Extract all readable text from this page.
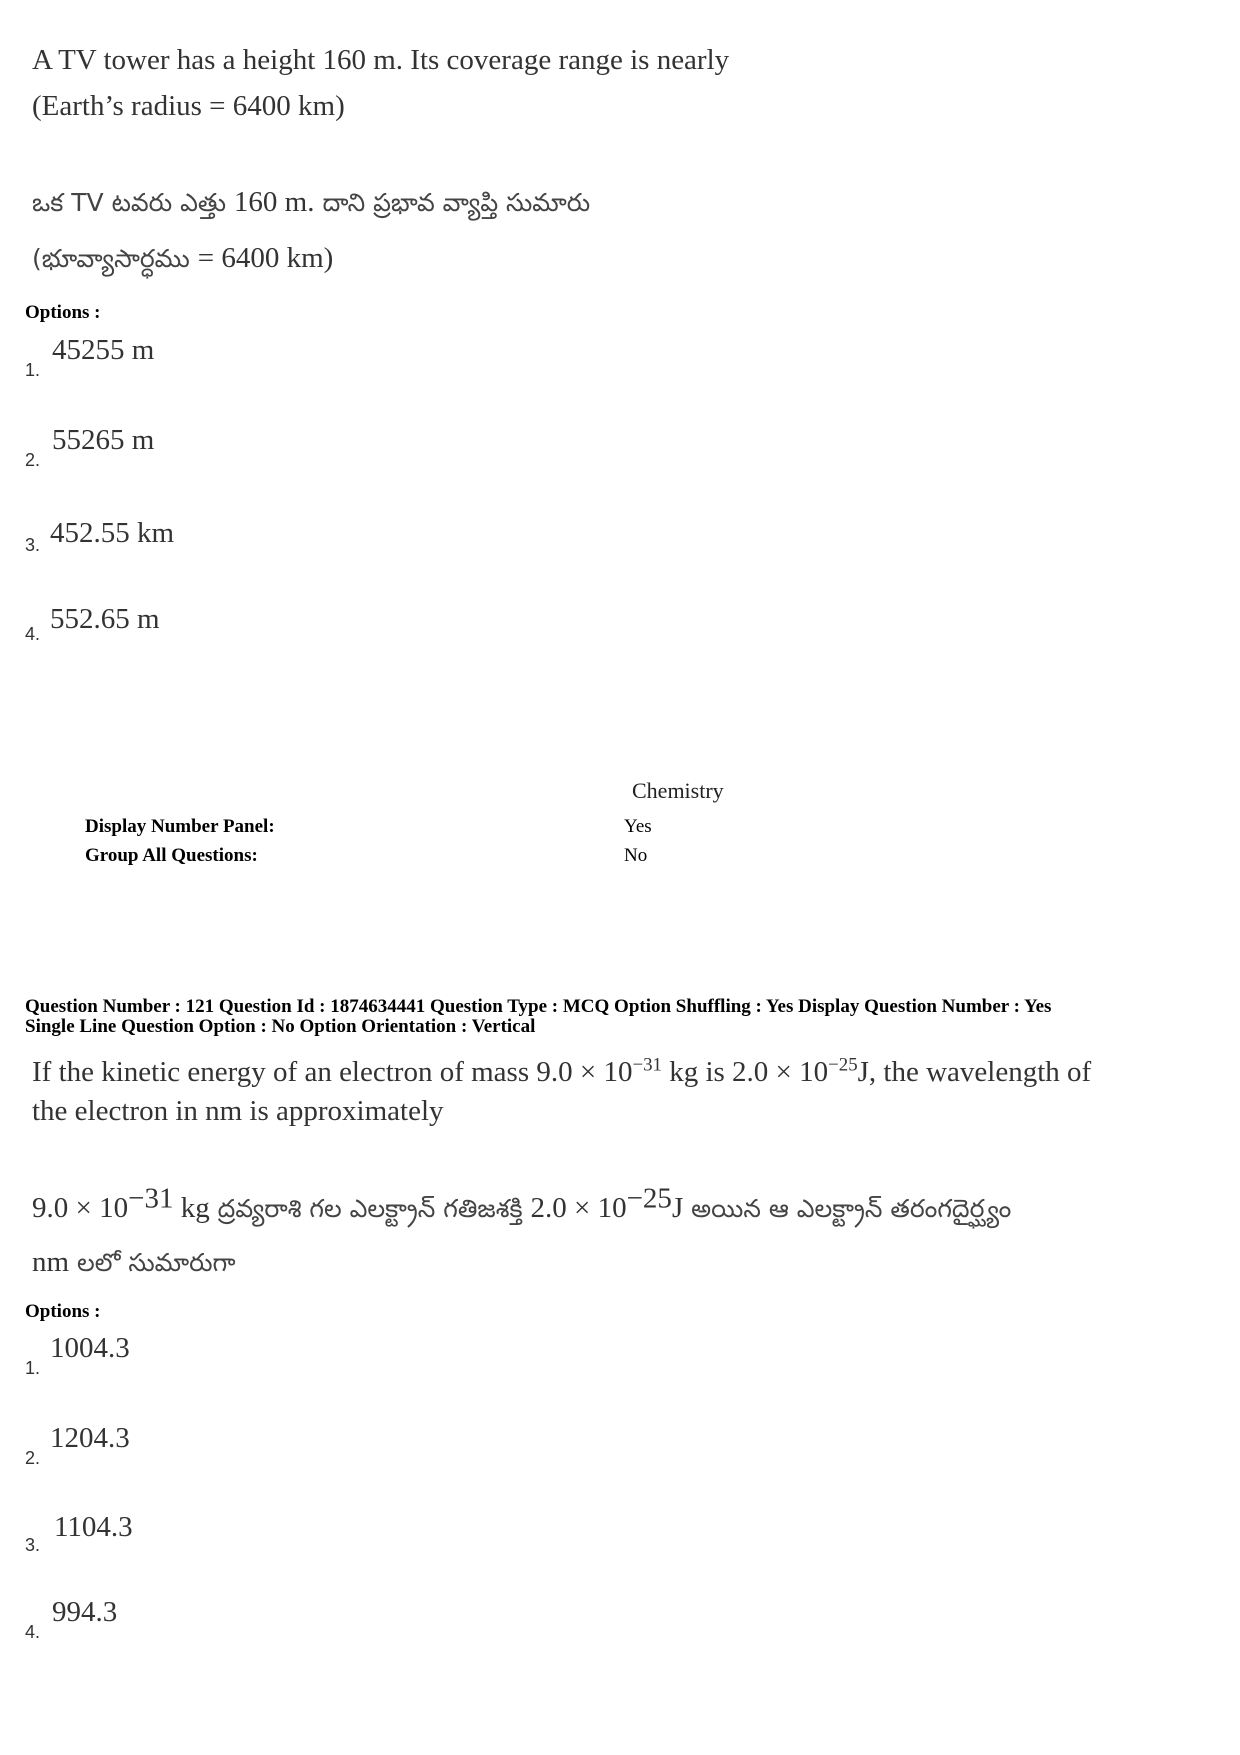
A TV tower has a height 160 m. Its coverage range is nearly
(Earth’s radius = 6400 km)
ఒక TV టవరు ఎత్తు 160 m. దాని ప్రభావ వ్యాప్తి సుమారు
(భూవ్యాసార్ధము = 6400 km)
Options :
1.
45255 m
2.
55265 m
3. 452.55 km
4. 552.65 m
Chemistry
Display Number Panel:	Yes
Group All Questions:	No
Question Number : 121 Question Id : 1874634441 Question Type : MCQ Option Shuffling : Yes Display Question Number : Yes
Single Line Question Option : No Option Orientation : Vertical
If the kinetic energy of an electron of mass $9.0 \times 10^{-31}$ kg is $2.0 \times 10^{-25}J$, the wavelength of
the electron in nm is approximately
$9.0 \times 10^{-31}$ kg ద్రవ్యరాశి గల ఎలక్ట్రాన్ గతిజశక్తి $2.0 \times 10^{-25}J$ అయిన ఆ ఎలక్ట్రాన్ తరంగదైర్ఘ్యం
nm లలో సుమారుగా
Options :
1.
1004.3
2.
1204.3
3.
1104.3
4.
994.3
